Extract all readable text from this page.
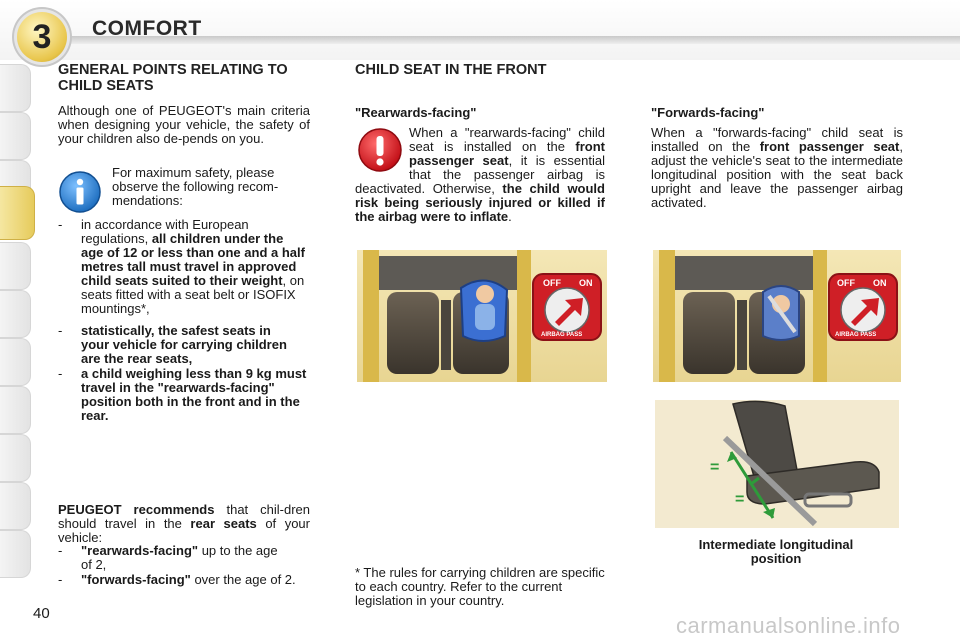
3 COMFORT
GENERAL POINTS RELATING TO CHILD SEATS
Although one of PEUGEOT's main criteria when designing your vehicle, the safety of your children also de-pends on you.
For maximum safety, please observe the following recom-mendations:
- in accordance with European regulations, all children under the age of 12 or less than one and a half metres tall must travel in approved child seats suited to their weight, on seats fitted with a seat belt or ISOFIX mountings*,
- statistically, the safest seats in your vehicle for carrying children are the rear seats,
- a child weighing less than 9 kg must travel in the "rearwards-facing" position both in the front and in the rear.
PEUGEOT recommends that chil-dren should travel in the rear seats of your vehicle:
- "rearwards-facing" up to the age of 2,
- "forwards-facing" over the age of 2.
CHILD SEAT IN THE FRONT
"Rearwards-facing"
When a "rearwards-facing" child seat is installed on the front passenger seat, it is essential that the passenger airbag is deactivated. Otherwise, the child would risk being seriously injured or killed if the airbag were to inflate.
OFF ON
AIRBAG PASS
* The rules for carrying children are specific to each country. Refer to the current legislation in your country.
"Forwards-facing"
When a "forwards-facing" child seat is installed on the front passenger seat, adjust the vehicle's seat to the intermediate longitudinal position with the seat back upright and leave the passenger airbag activated.
OFF ON
AIRBAG PASS
=
=
Intermediate longitudinal position
40	carmanualsonline.info
